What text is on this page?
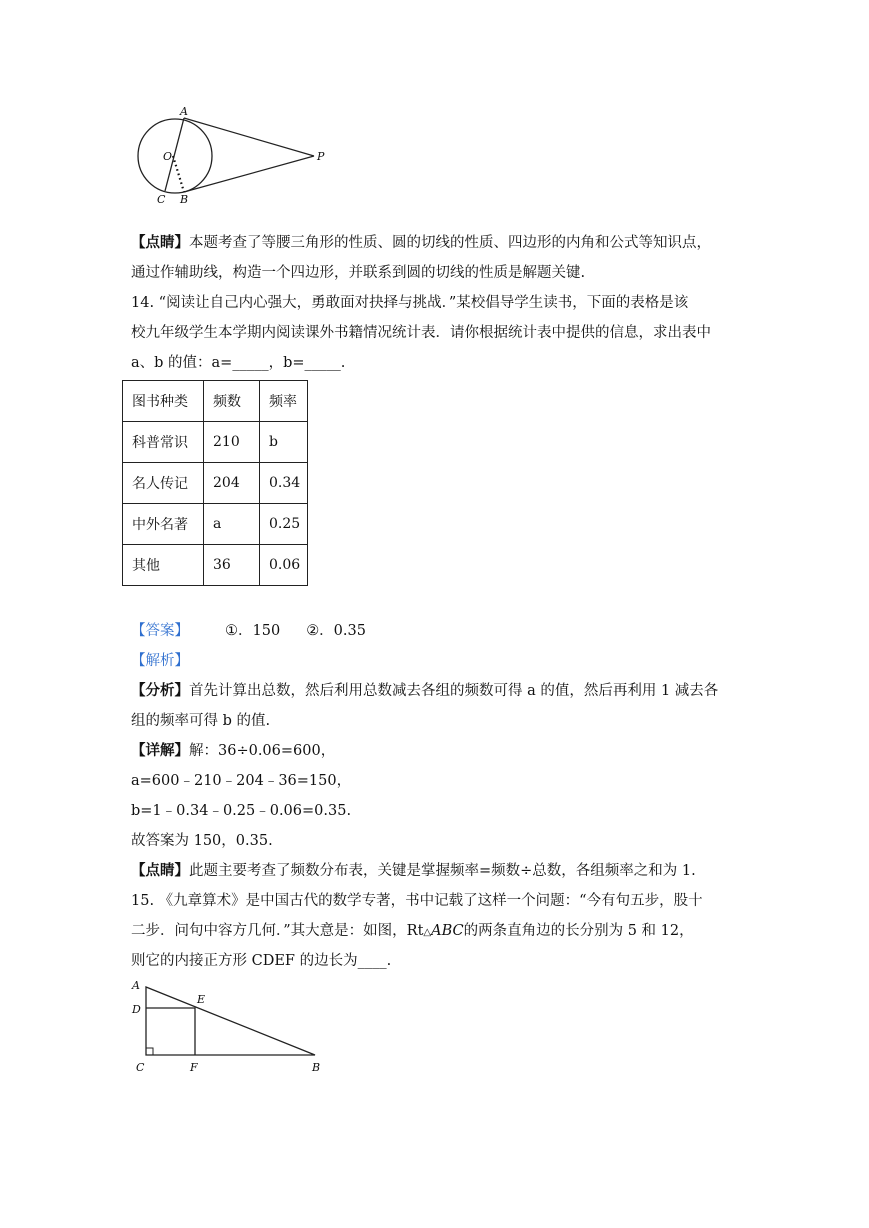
A
O
C B
P
【点睛】本题考查了等腰三角形的性质、圆的切线的性质、四边形的内角和公式等知识点，
通过作辅助线，构造一个四边形，并联系到圆的切线的性质是解题关键.
14. “阅读让自己内心强大，勇敢面对抉择与挑战．”某校倡导学生读书，下面的表格是该
校九年级学生本学期内阅读课外书籍情况统计表．请你根据统计表中提供的信息，求出表中
a、b 的值：a=_____，b=_____.
图书种类	频数	频率
科普常识	210	b
名人传记	204	0.34
中外名著	a	0.25
其他	36	0.06
【答案】 ①．150 ②．0.35
【解析】
【分析】首先计算出总数，然后利用总数减去各组的频数可得 a 的值，然后再利用 1 减去各
组的频率可得 b 的值.
【详解】解：36÷0.06=600，
a=600﹣210﹣204﹣36=150，
b=1﹣0.34﹣0.25﹣0.06=0.35.
故答案为 150，0.35.
【点睛】此题主要考查了频数分布表，关键是掌握频率=频数÷总数，各组频率之和为 1.
15. 《九章算术》是中国古代的数学专著，书中记载了这样一个问题：“今有句五步，股十
二步．问句中容方几何．”其大意是：如图，Rt△ABC的两条直角边的长分别为 5 和 12，
则它的内接正方形 CDEF 的边长为____.
A
D
E
C	F	B
